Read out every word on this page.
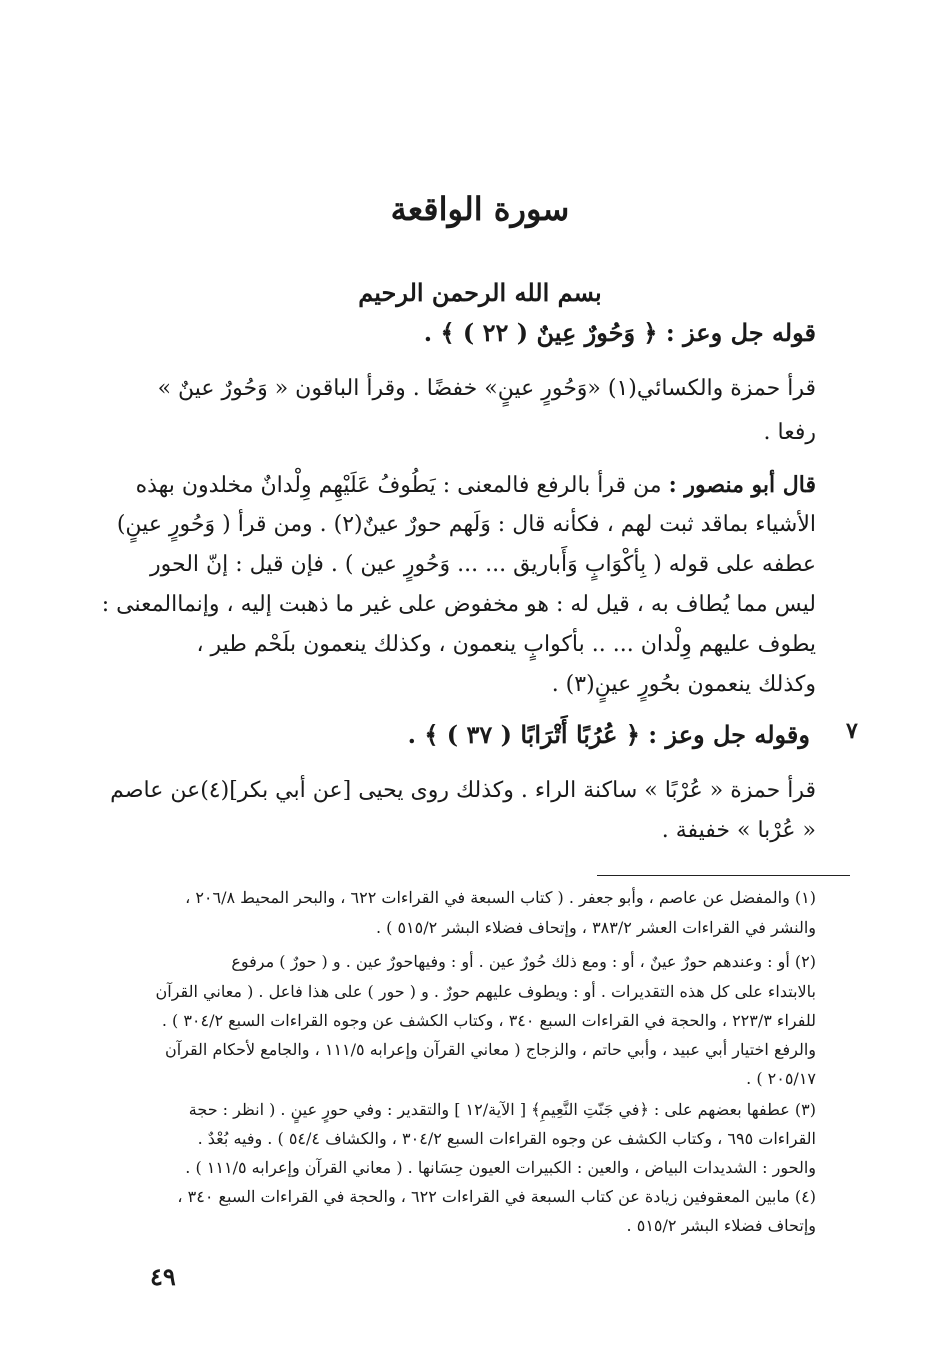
سورة الواقعة
بسم الله الرحمن الرحيم
قوله جل وعز : ﴿ وَحُورٌ عِينٌ ( ٢٢ ) ﴾ .
قرأ حمزة والكسائي(١) «وَحُورٍ عينٍ» خفضًا . وقرأ الباقون « وَحُورٌ عينٌ »
رفعا .
قال أبو منصور : من قرأ بالرفع فالمعنى : يَطُوفُ عَلَيْهِم وِلْدانٌ مخلدون بهذه
الأشياء بماقد ثبت لهم ، فكأنه قال : وَلَهم حورٌ عينٌ(٢) . ومن قرأ ( وَحُورٍ عينٍ)
عطفه على قوله ( بِأكْوَابٍ وَأَباريق ... ... وَحُورٍ عين ) . فإن قيل : إنّ الحور
ليس مما يُطاف به ، قيل له : هو مخفوض على غير ما ذهبت إليه ، وإنماالمعنى :
يطوف عليهم وِلْدان ... .. بأكوابٍ ينعمون ، وكذلك ينعمون بلَحْم طير ،
وكذلك ينعمون بحُورٍ عينٍ(٣) .
٧
وقوله جل وعز : ﴿ عُرُبًا أَتْرَابًا ( ٣٧ ) ﴾ .
قرأ حمزة « عُرْبًا » ساكنة الراء . وكذلك روى يحيى [عن أبي بكر](٤)عن عاصم
« عُرْبا » خفيفة .
(١) والمفضل عن عاصم ، وأبو جعفر . ( كتاب السبعة في القراءات ٦٢٢ ، والبحر المحيط ٢٠٦/٨ ،
والنشر في القراءات العشر ٣٨٣/٢ ، وإتحاف فضلاء البشر ٥١٥/٢ ) .
(٢) أو : وعندهم حورٌ عينٌ ، أو : ومع ذلك حُورٌ عين . أو : وفيهاحورٌ عين . و ( حورٌ ) مرفوع
بالابتداء على كل هذه التقديرات . أو : ويطوف عليهم حورٌ . و ( حور ) على هذا فاعل . ( معاني القرآن
للفراء ٢٢٣/٣ ، والحجة في القراءات السبع ٣٤٠ ، وكتاب الكشف عن وجوه القراءات السبع ٣٠٤/٢ ) .
والرفع اختيار أبي عبيد ، وأبي حاتم ، والزجاج ( معاني القرآن وإعرابه ١١١/٥ ، والجامع لأحكام القرآن
٢٠٥/١٧ ) .
(٣) عطفها بعضهم على : ﴿في جَنّتِ النَّعِيمِ﴾ [ الآية/١٢ ] والتقدير : وفي حورٍ عينٍ . ( انظر : حجة
القراءات ٦٩٥ ، وكتاب الكشف عن وجوه القراءات السبع ٣٠٤/٢ ، والكشاف ٥٤/٤ ) . وفيه بُعْدٌ .
والحور : الشديدات البياض ، والعين : الكبيرات العيون حِسَانها . ( معاني القرآن وإعرابه ١١١/٥ ) .
(٤) مابين المعقوفين زيادة عن كتاب السبعة في القراءات ٦٢٢ ، والحجة في القراءات السبع ٣٤٠ ،
وإتحاف فضلاء البشر ٥١٥/٢ .
٤٩
